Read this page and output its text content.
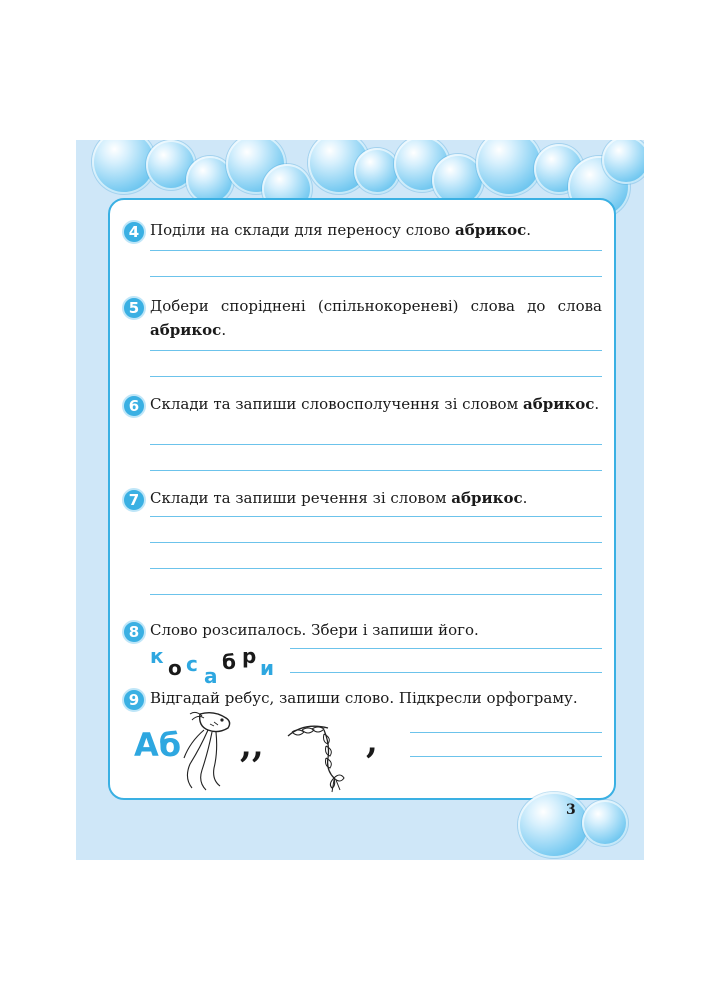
4 Поділи на склади для переносу слово абрикос.
5 Добери споріднені (спільнокореневі) слова до слова абрикос.
6 Склади та запиши словосполучення зі словом абрикос.
7 Склади та запиши речення зі словом абрикос.
8 Слово розсипалось. Збери і запиши його.
к о с а
б р и
9 Відгадай ребус, запиши слово. Підкресли орфограму.
Аб ,,	,
3
